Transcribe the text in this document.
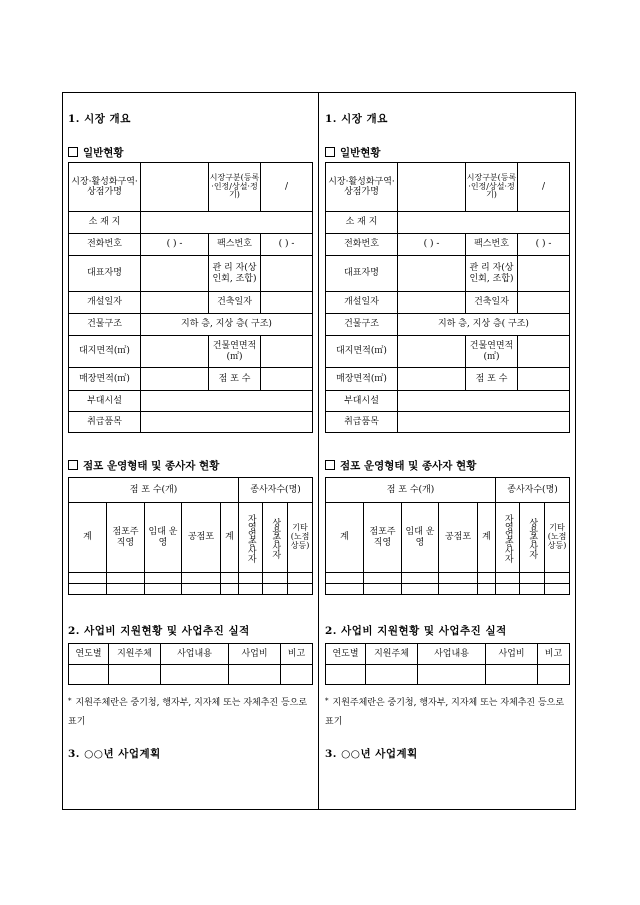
1. 시장 개요
일반현황
시장·활성화구역·상점가명		시장구분(등록·인정/상설·정기)	/
소 재 지			
전화번호	( ) -	팩스번호	( ) -
대표자명		관 리 자(상인회, 조합)	
개설일자		건축일자	
건물구조	지하 층, 지상 층( 구조)		
대지면적(㎡)		건물연면적(㎡)	
매장면적(㎡)		점 포 수	
부대시설			
취급품목			
점포 운영형태 및 종사자 현황
점 포 수(개)					종사자수(명)		
계	점포주 직영	임대 운영	공점포	계	자영업종사자	상용종사자	기타(노점상등)

2. 사업비 지원현황 및 사업추진 실적
연도별	지원주체	사업내용	사업비	비고

* 지원주체란은 중기청, 행자부, 지자체 또는 자체추진 등으로 표기
3. ○○년 사업계획
1. 시장 개요
일반현황
시장·활성화구역·상점가명		시장구분(등록·인정/상설·정기)	/
소 재 지			
전화번호	( ) -	팩스번호	( ) -
대표자명		관 리 자(상인회, 조합)	
개설일자		건축일자	
건물구조	지하 층, 지상 층( 구조)		
대지면적(㎡)		건물연면적(㎡)	
매장면적(㎡)		점 포 수	
부대시설			
취급품목			
점포 운영형태 및 종사자 현황
점 포 수(개)					종사자수(명)		
계	점포주 직영	임대 운영	공점포	계	자영업종사자	상용종사자	기타(노점상등)

2. 사업비 지원현황 및 사업추진 실적
연도별	지원주체	사업내용	사업비	비고

* 지원주체란은 중기청, 행자부, 지자체 또는 자체추진 등으로 표기
3. ○○년 사업계획
